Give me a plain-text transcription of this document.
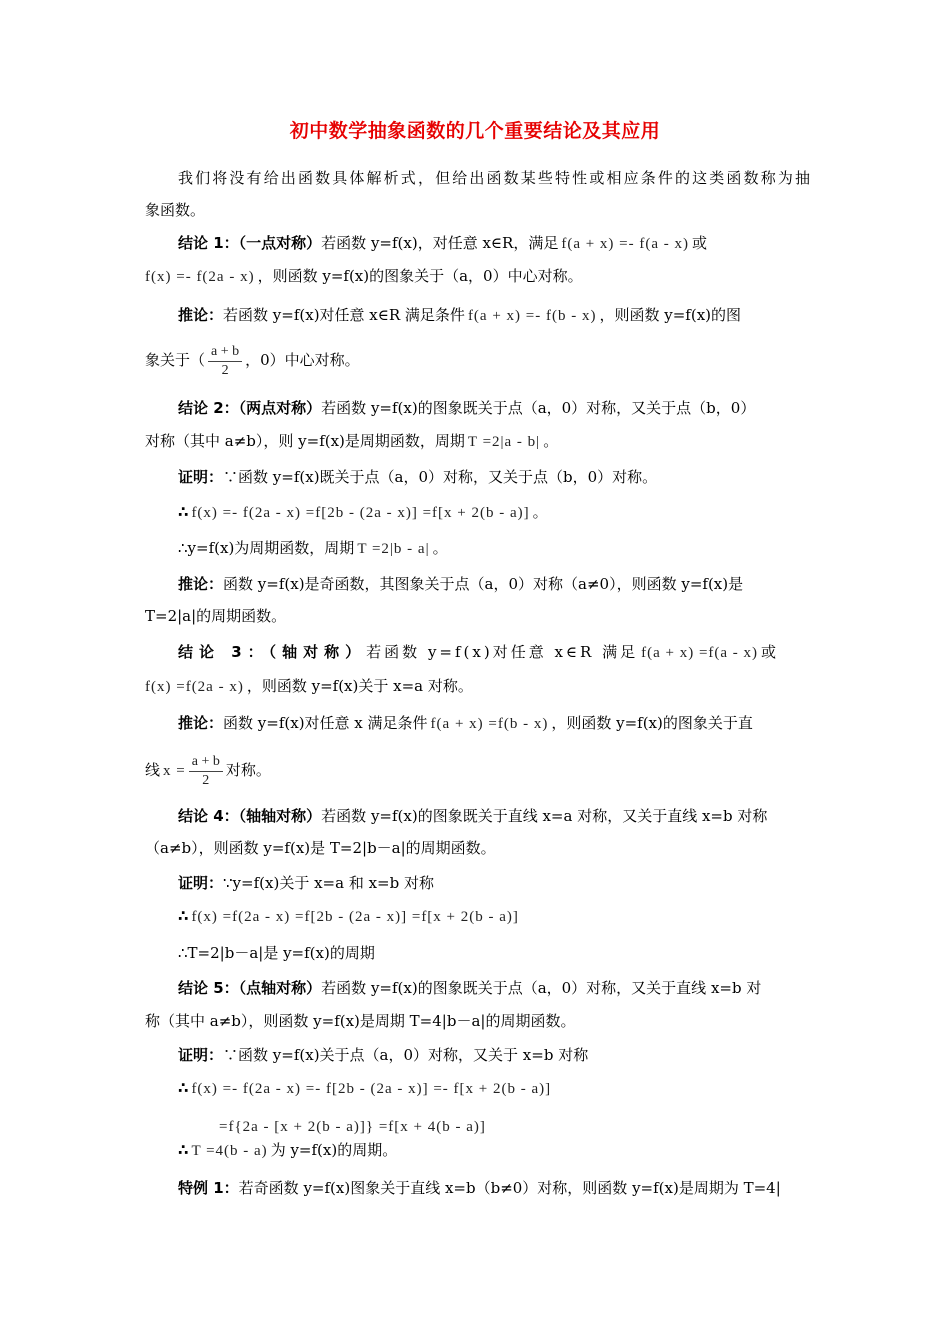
初中数学抽象函数的几个重要结论及其应用
我们将没有给出函数具体解析式，但给出函数某些特性或相应条件的这类函数称为抽
象函数。
结论 1：（一点对称）若函数 y=f(x)，对任意 x∈R，满足 f(a + x) =- f(a - x) 或
f(x) =- f(2a - x) ，则函数 y=f(x)的图象关于（a，0）中心对称。
推论：若函数 y=f(x)对任意 x∈R 满足条件 f(a + x) =- f(b - x) ，则函数 y=f(x)的图
象关于（ $\frac{a + b}{2}$ ，0）中心对称。
结论 2：（两点对称）若函数 y=f(x)的图象既关于点（a，0）对称，又关于点（b，0）
对称（其中 a≠b），则 y=f(x)是周期函数，周期 T =2|a - b| 。
证明：∵函数 y=f(x)既关于点（a，0）对称，又关于点（b，0）对称。
∴ f(x) =- f(2a - x) =f[2b - (2a - x)] =f[x + 2(b - a)] 。
∴y=f(x)为周期函数，周期 T =2|b - a| 。
推论：函数 y=f(x)是奇函数，其图象关于点（a，0）对称（a≠0），则函数 y=f(x)是
T=2|a|的周期函数。
结论 3：（轴对称）若函数 y=f(x)对任意 x∈R 满足 f(a + x) =f(a - x) 或
f(x) =f(2a - x) ，则函数 y=f(x)关于 x=a 对称。
推论：函数 y=f(x)对任意 x 满足条件 f(a + x) =f(b - x) ，则函数 y=f(x)的图象关于直
线 $x = \frac{a + b}{2}$ 对称。
结论 4：（轴轴对称）若函数 y=f(x)的图象既关于直线 x=a 对称，又关于直线 x=b 对称
（a≠b），则函数 y=f(x)是 T=2|b－a|的周期函数。
证明：∵y=f(x)关于 x=a 和 x=b 对称
∴ f(x) =f(2a - x) =f[2b - (2a - x)] =f[x + 2(b - a)]
∴T=2|b－a|是 y=f(x)的周期
结论 5：（点轴对称）若函数 y=f(x)的图象既关于点（a，0）对称，又关于直线 x=b 对
称（其中 a≠b），则函数 y=f(x)是周期 T=4|b－a|的周期函数。
证明：∵函数 y=f(x)关于点（a，0）对称，又关于 x=b 对称
∴ f(x) =- f(2a - x) =- f[2b - (2a - x)] =- f[x + 2(b - a)]
=f{2a - [x + 2(b - a)]} =f[x + 4(b - a)]
∴ T =4(b - a) 为 y=f(x)的周期。
特例 1：若奇函数 y=f(x)图象关于直线 x=b（b≠0）对称，则函数 y=f(x)是周期为 T=4|
